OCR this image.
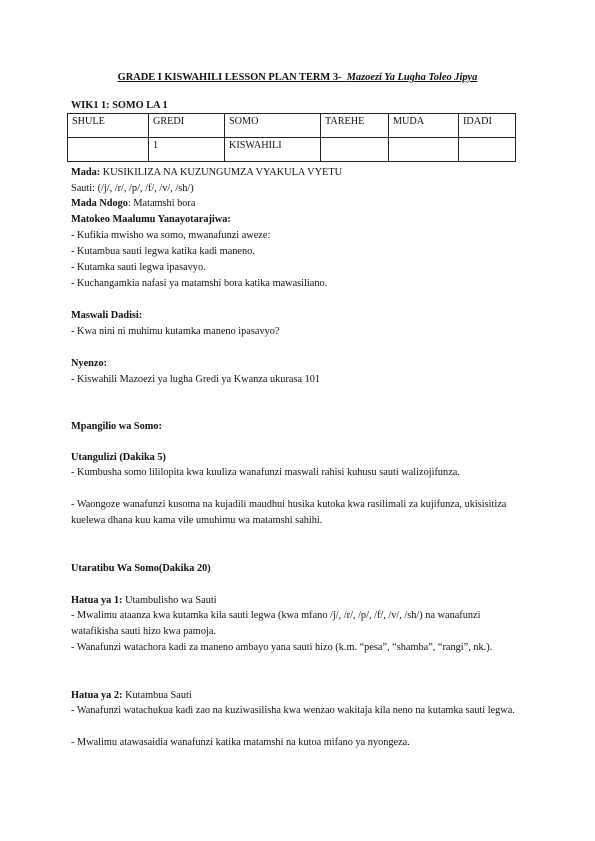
GRADE I KISWAHILI LESSON PLAN TERM 3- Mazoezi Ya Lugha Toleo Jipya
WIK1 1: SOMO LA 1
SHULE	GREDI	SOMO	TAREHE	MUDA	IDADI
	1	KISWAHILI			
Mada: KUSIKILIZA NA KUZUNGUMZA VYAKULA VYETU
Sauti: (/j/, /r/, /p/, /f/, /v/, /sh/)
Mada Ndogo: Matamshi bora
Matokeo Maalumu Yanayotarajiwa:
- Kufikia mwisho wa somo, mwanafunzi aweze:
- Kutambua sauti legwa katika kadi maneno.
- Kutamka sauti legwa ipasavyo.
- Kuchangamkia nafasi ya matamshi bora katika mawasiliano.
Maswali Dadisi:
- Kwa nini ni muhimu kutamka maneno ipasavyo?
Nyenzo:
- Kiswahili Mazoezi ya lugha Gredi ya Kwanza ukurasa 101
Mpangilio wa Somo:
Utangulizi (Dakika 5)
- Kumbusha somo lililopita kwa kuuliza wanafunzi maswali rahisi kuhusu sauti walizojifunza.
- Waongoze wanafunzi kusoma na kujadili maudhui husika kutoka kwa rasilimali za kujifunza, ukisisitiza kuelewa dhana kuu kama vile umuhimu wa matamshi sahihi.
Utaratibu Wa Somo(Dakika 20)
Hatua ya 1: Utambulisho wa Sauti
- Mwalimu ataanza kwa kutamka kila sauti legwa (kwa mfano /j/, /r/, /p/, /f/, /v/, /sh/) na wanafunzi watafikisha sauti hizo kwa pamoja.
- Wanafunzi watachora kadi za maneno ambayo yana sauti hizo (k.m. “pesa”, “shamba”, “rangi”, nk.).
Hatua ya 2: Kutambua Sauti
- Wanafunzi watachukua kadi zao na kuziwasilisha kwa wenzao wakitaja kila neno na kutamka sauti legwa.
- Mwalimu atawasaidia wanafunzi katika matamshi na kutoa mifano ya nyongeza.
